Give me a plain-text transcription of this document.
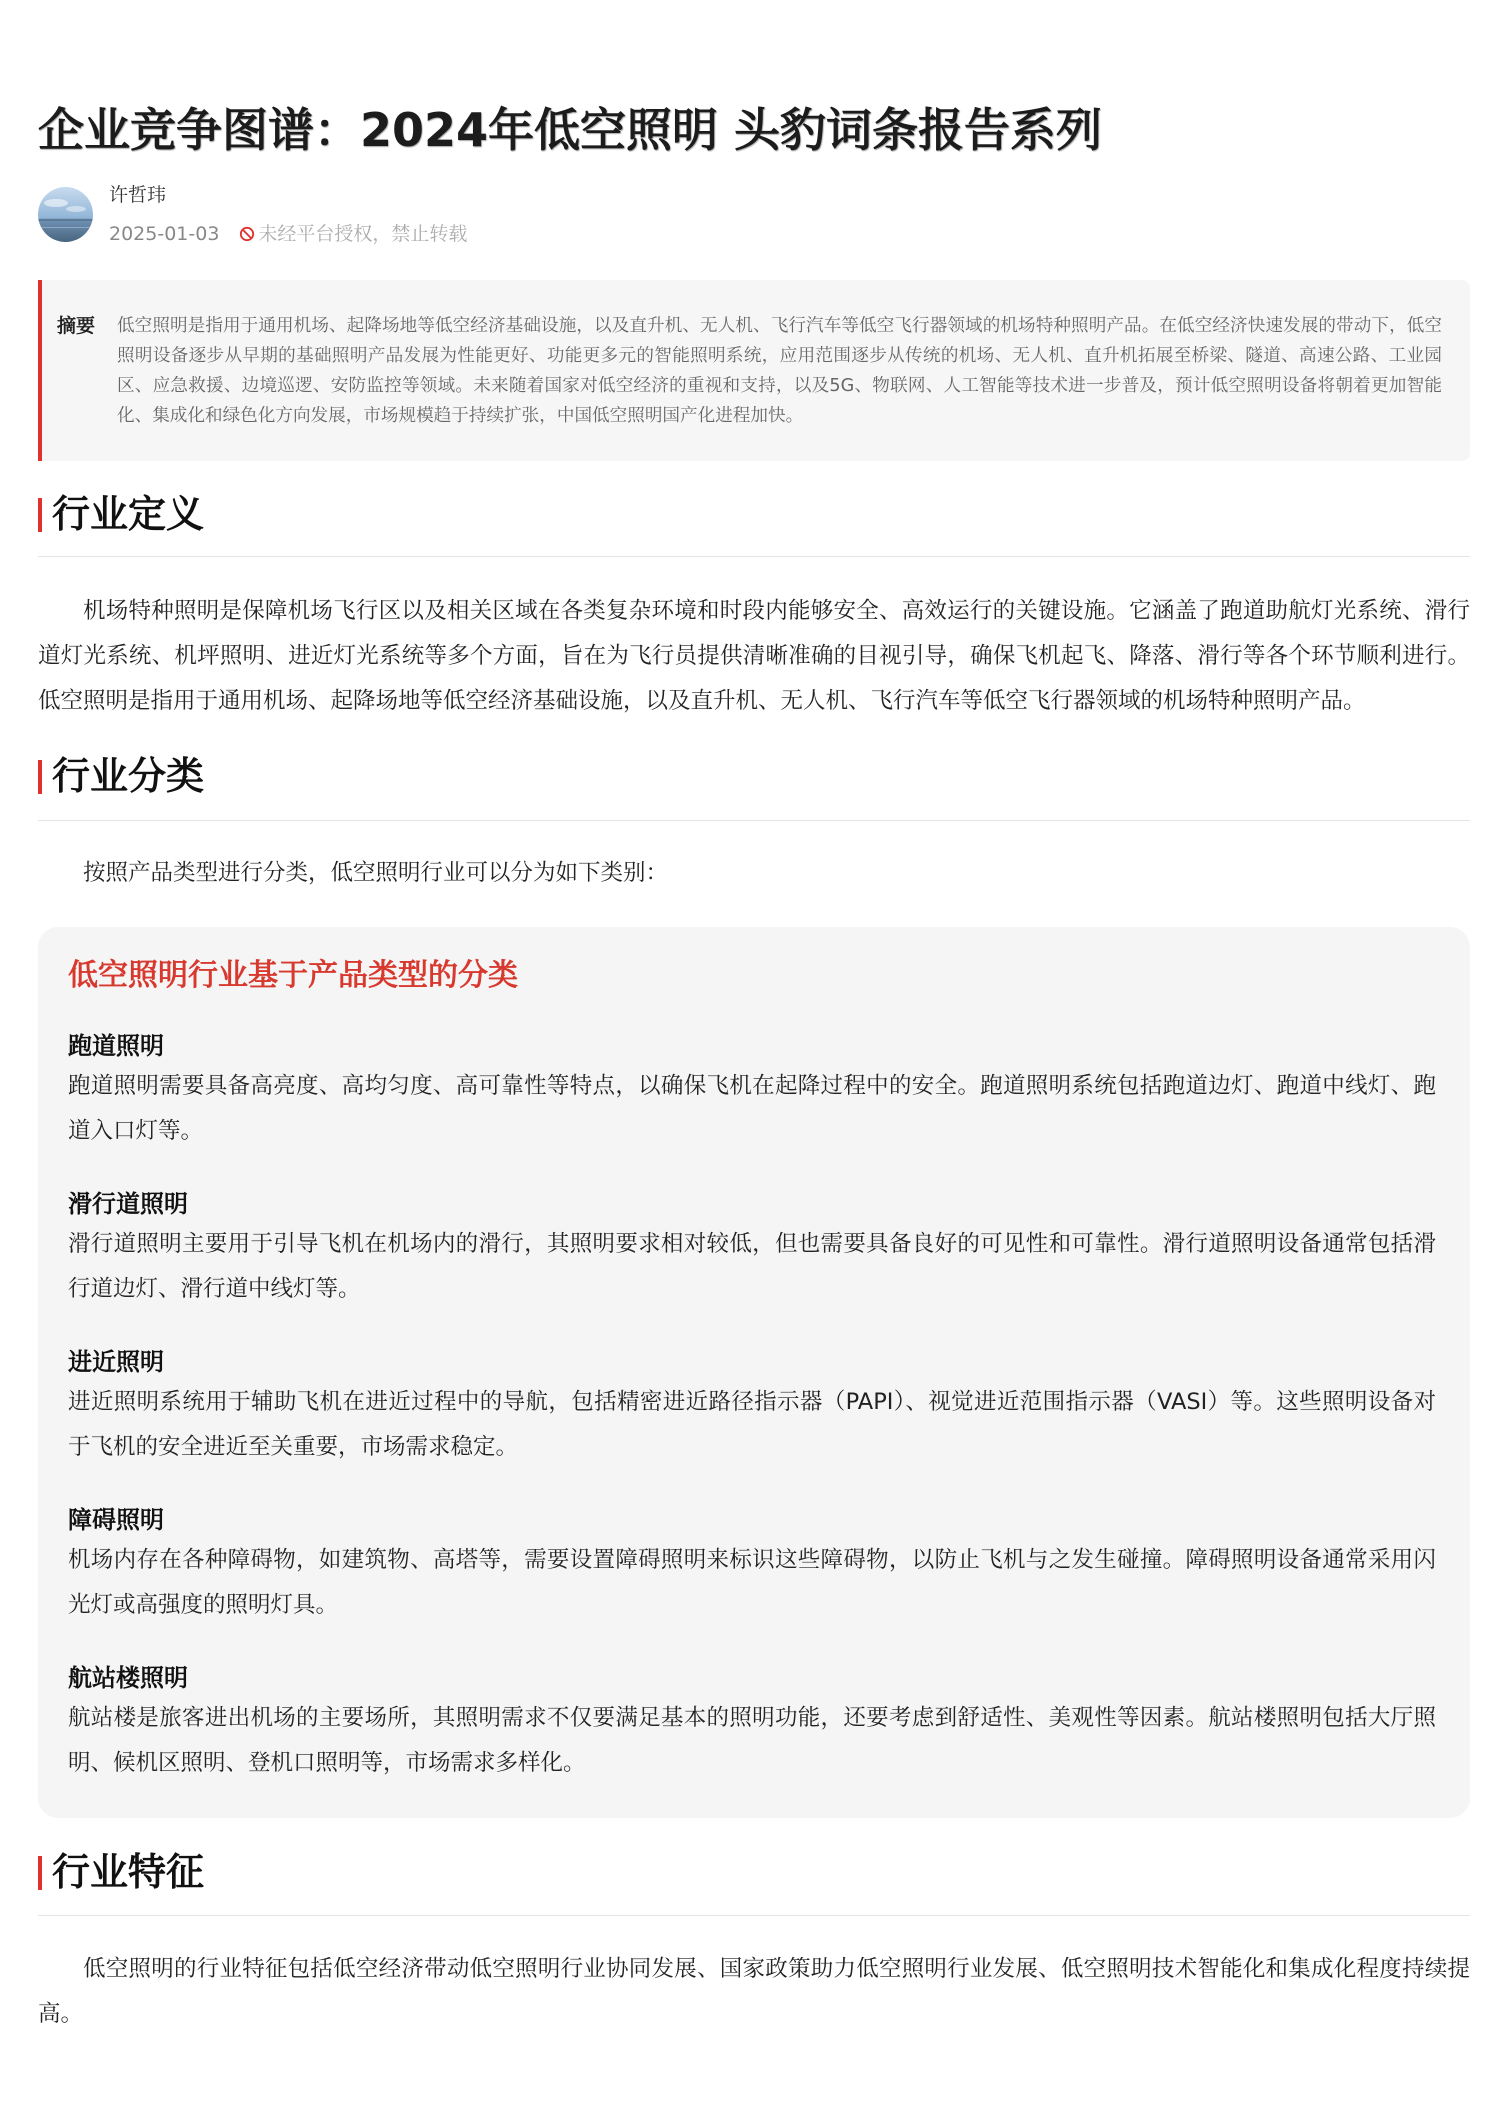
企业竞争图谱：2024年低空照明 头豹词条报告系列
许哲玮
2025-01-03 未经平台授权，禁止转载
摘要	低空照明是指用于通用机场、起降场地等低空经济基础设施，以及直升机、无人机、飞行汽车等低空飞行器领域的机场特种照明产品。在低空经济快速发展的带动下，低空照明设备逐步从早期的基础照明产品发展为性能更好、功能更多元的智能照明系统，应用范围逐步从传统的机场、无人机、直升机拓展至桥梁、隧道、高速公路、工业园区、应急救援、边境巡逻、安防监控等领域。未来随着国家对低空经济的重视和支持，以及5G、物联网、人工智能等技术进一步普及，预计低空照明设备将朝着更加智能化、集成化和绿色化方向发展，市场规模趋于持续扩张，中国低空照明国产化进程加快。

行业定义

机场特种照明是保障机场飞行区以及相关区域在各类复杂环境和时段内能够安全、高效运行的关键设施。它涵盖了跑道助航灯光系统、滑行道灯光系统、机坪照明、进近灯光系统等多个方面，旨在为飞行员提供清晰准确的目视引导，确保飞机起飞、降落、滑行等各个环节顺利进行。低空照明是指用于通用机场、起降场地等低空经济基础设施，以及直升机、无人机、飞行汽车等低空飞行器领域的机场特种照明产品。

行业分类

按照产品类型进行分类，低空照明行业可以分为如下类别：

低空照明行业基于产品类型的分类
跑道照明

跑道照明需要具备高亮度、高均匀度、高可靠性等特点，以确保飞机在起降过程中的安全。跑道照明系统包括跑道边灯、跑道中线灯、跑道入口灯等。

滑行道照明

滑行道照明主要用于引导飞机在机场内的滑行，其照明要求相对较低，但也需要具备良好的可见性和可靠性。滑行道照明设备通常包括滑行道边灯、滑行道中线灯等。

进近照明

进近照明系统用于辅助飞机在进近过程中的导航，包括精密进近路径指示器（PAPI）、视觉进近范围指示器（VASI）等。这些照明设备对于飞机的安全进近至关重要，市场需求稳定。

障碍照明

机场内存在各种障碍物，如建筑物、高塔等，需要设置障碍照明来标识这些障碍物，以防止飞机与之发生碰撞。障碍照明设备通常采用闪光灯或高强度的照明灯具。

航站楼照明

航站楼是旅客进出机场的主要场所，其照明需求不仅要满足基本的照明功能，还要考虑到舒适性、美观性等因素。航站楼照明包括大厅照明、候机区照明、登机口照明等，市场需求多样化。

行业特征

低空照明的行业特征包括低空经济带动低空照明行业协同发展、国家政策助力低空照明行业发展、低空照明技术智能化和集成化程度持续提高。
